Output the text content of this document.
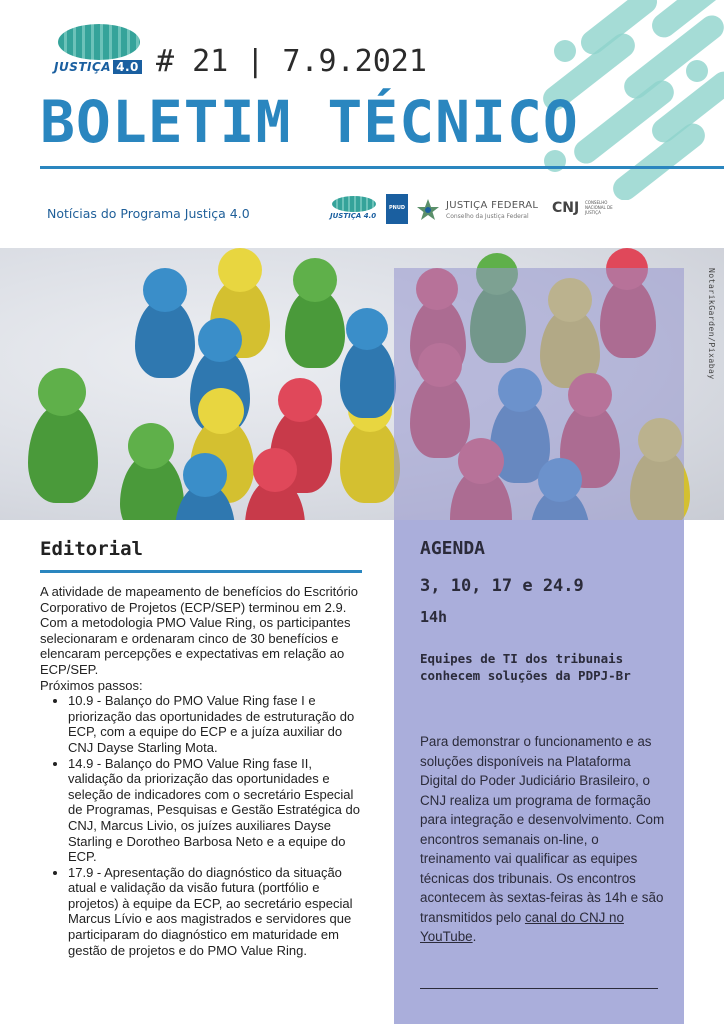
JUSTIÇA 4.0 # 21 | 7.9.2021
BOLETIM TÉCNICO
Notícias do Programa Justiça 4.0	JUSTIÇA 4.0
PNUD	JUSTIÇA FEDERAL
Conselho da Justiça Federal
CNJ CONSELHO NACIONAL DE JUSTIÇA
NotarikGarden/Pixabay
Editorial

A atividade de mapeamento de benefícios do Escritório Corporativo de Projetos (ECP/SEP) terminou em 2.9. Com a metodologia PMO Value Ring, os participantes selecionaram e ordenaram cinco de 30 benefícios e elencaram percepções e expectativas em relação ao ECP/SEP.

Próximos passos:

• 10.9 - Balanço do PMO Value Ring fase I e priorização das oportunidades de estruturação do ECP, com a equipe do ECP e a juíza auxiliar do CNJ Dayse Starling Mota.
• 14.9 - Balanço do PMO Value Ring fase II, validação da priorização das oportunidades e seleção de indicadores com o secretário Especial de Programas, Pesquisas e Gestão Estratégica do CNJ, Marcus Livio, os juízes auxiliares Dayse Starling e Dorotheo Barbosa Neto e a equipe do ECP.
• 17.9 - Apresentação do diagnóstico da situação atual e validação da visão futura (portfólio e projetos) à equipe da ECP, ao secretário especial Marcus Lívio e aos magistrados e servidores que participaram do diagnóstico em maturidade em gestão de projetos e do PMO Value Ring.
AGENDA
3, 10, 17 e 24.9
14h
Equipes de TI dos tribunais conhecem soluções da PDPJ-Br
Para demonstrar o funcionamento e as soluções disponíveis na Plataforma Digital do Poder Judiciário Brasileiro, o CNJ realiza um programa de formação para integração e desenvolvimento. Com encontros semanais on-line, o treinamento vai qualificar as equipes técnicas dos tribunais. Os encontros acontecem às sextas-feiras às 14h e são transmitidos pelo canal do CNJ no YouTube.
